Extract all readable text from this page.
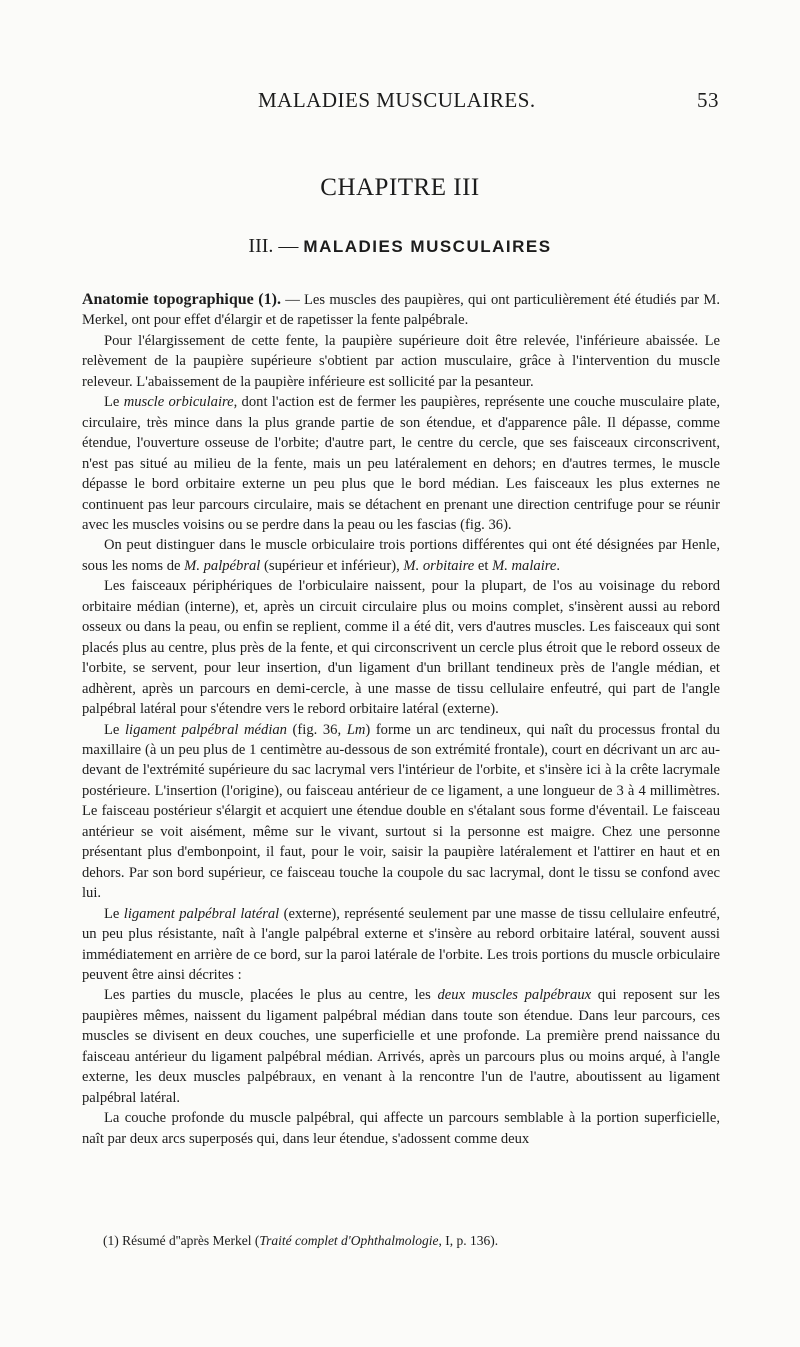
MALADIES MUSCULAIRES.	53
CHAPITRE III
III. — MALADIES MUSCULAIRES

Anatomie topographique (1). — Les muscles des paupières, qui ont particulièrement été étudiés par M. Merkel, ont pour effet d'élargir et de rapetisser la fente palpébrale.

Pour l'élargissement de cette fente, la paupière supérieure doit être relevée, l'inférieure abaissée. Le relèvement de la paupière supérieure s'obtient par action musculaire, grâce à l'intervention du muscle releveur. L'abaissement de la paupière inférieure est sollicité par la pesanteur.

Le muscle orbiculaire, dont l'action est de fermer les paupières, représente une couche musculaire plate, circulaire, très mince dans la plus grande partie de son étendue, et d'apparence pâle. Il dépasse, comme étendue, l'ouverture osseuse de l'orbite; d'autre part, le centre du cercle, que ses faisceaux circonscrivent, n'est pas situé au milieu de la fente, mais un peu latéralement en dehors; en d'autres termes, le muscle dépasse le bord orbitaire externe un peu plus que le bord médian. Les faisceaux les plus externes ne continuent pas leur parcours circulaire, mais se détachent en prenant une direction centrifuge pour se réunir avec les muscles voisins ou se perdre dans la peau ou les fascias (fig. 36).

On peut distinguer dans le muscle orbiculaire trois portions différentes qui ont été désignées par Henle, sous les noms de M. palpébral (supérieur et inférieur), M. orbitaire et M. malaire.

Les faisceaux périphériques de l'orbiculaire naissent, pour la plupart, de l'os au voisinage du rebord orbitaire médian (interne), et, après un circuit circulaire plus ou moins complet, s'insèrent aussi au rebord osseux ou dans la peau, ou enfin se replient, comme il a été dit, vers d'autres muscles. Les faisceaux qui sont placés plus au centre, plus près de la fente, et qui circonscrivent un cercle plus étroit que le rebord osseux de l'orbite, se servent, pour leur insertion, d'un ligament d'un brillant tendineux près de l'angle médian, et adhèrent, après un parcours en demi-cercle, à une masse de tissu cellulaire enfeutré, qui part de l'angle palpébral latéral pour s'étendre vers le rebord orbitaire latéral (externe).

Le ligament palpébral médian (fig. 36, Lm) forme un arc tendineux, qui naît du processus frontal du maxillaire (à un peu plus de 1 centimètre au-dessous de son extrémité frontale), court en décrivant un arc au-devant de l'extrémité supérieure du sac lacrymal vers l'intérieur de l'orbite, et s'insère ici à la crête lacrymale postérieure. L'insertion (l'origine), ou faisceau antérieur de ce ligament, a une longueur de 3 à 4 millimètres. Le faisceau postérieur s'élargit et acquiert une étendue double en s'étalant sous forme d'éventail. Le faisceau antérieur se voit aisément, même sur le vivant, surtout si la personne est maigre. Chez une personne présentant plus d'embonpoint, il faut, pour le voir, saisir la paupière latéralement et l'attirer en haut et en dehors. Par son bord supérieur, ce faisceau touche la coupole du sac lacrymal, dont le tissu se confond avec lui.

Le ligament palpébral latéral (externe), représenté seulement par une masse de tissu cellulaire enfeutré, un peu plus résistante, naît à l'angle palpébral externe et s'insère au rebord orbitaire latéral, souvent aussi immédiatement en arrière de ce bord, sur la paroi latérale de l'orbite. Les trois portions du muscle orbiculaire peuvent être ainsi décrites :

Les parties du muscle, placées le plus au centre, les deux muscles palpébraux qui reposent sur les paupières mêmes, naissent du ligament palpébral médian dans toute son étendue. Dans leur parcours, ces muscles se divisent en deux couches, une superficielle et une profonde. La première prend naissance du faisceau antérieur du ligament palpébral médian. Arrivés, après un parcours plus ou moins arqué, à l'angle externe, les deux muscles palpébraux, en venant à la rencontre l'un de l'autre, aboutissent au ligament palpébral latéral.

La couche profonde du muscle palpébral, qui affecte un parcours semblable à la portion superficielle, naît par deux arcs superposés qui, dans leur étendue, s'adossent comme deux

(1) Résumé d''après Merkel (Traité complet d'Ophthalmologie, I, p. 136).
